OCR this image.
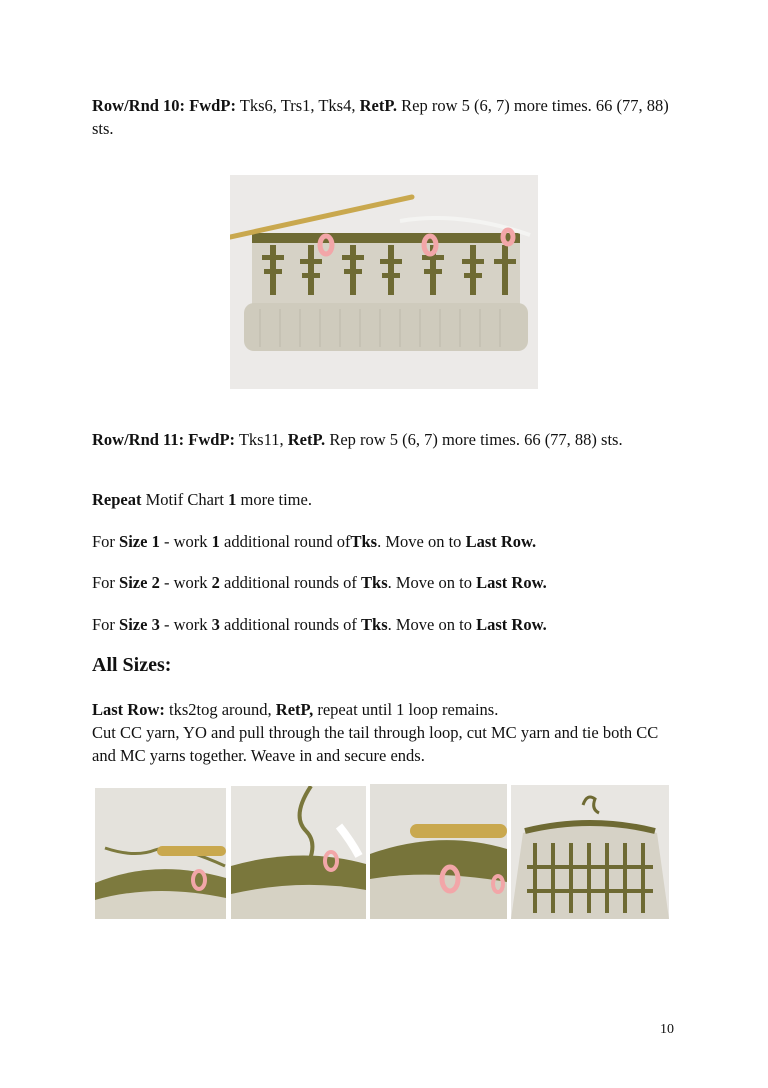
Row/Rnd 10: FwdP: Tks6, Trs1, Tks4, RetP. Rep row 5 (6, 7) more times. 66 (77, 88) sts.

Row/Rnd 11: FwdP: Tks11, RetP. Rep row 5 (6, 7) more times. 66 (77, 88) sts.

Repeat Motif Chart 1 more time.

For Size 1 - work 1 additional round ofTks. Move on to Last Row.

For Size 2 - work 2 additional rounds of Tks. Move on to Last Row.

For Size 3 - work 3 additional rounds of Tks. Move on to Last Row.

All Sizes:

Last Row: tks2tog around, RetP, repeat until 1 loop remains.
Cut CC yarn, YO and pull through the tail through loop, cut MC yarn and tie both CC and MC yarns together. Weave in and secure ends.

10
